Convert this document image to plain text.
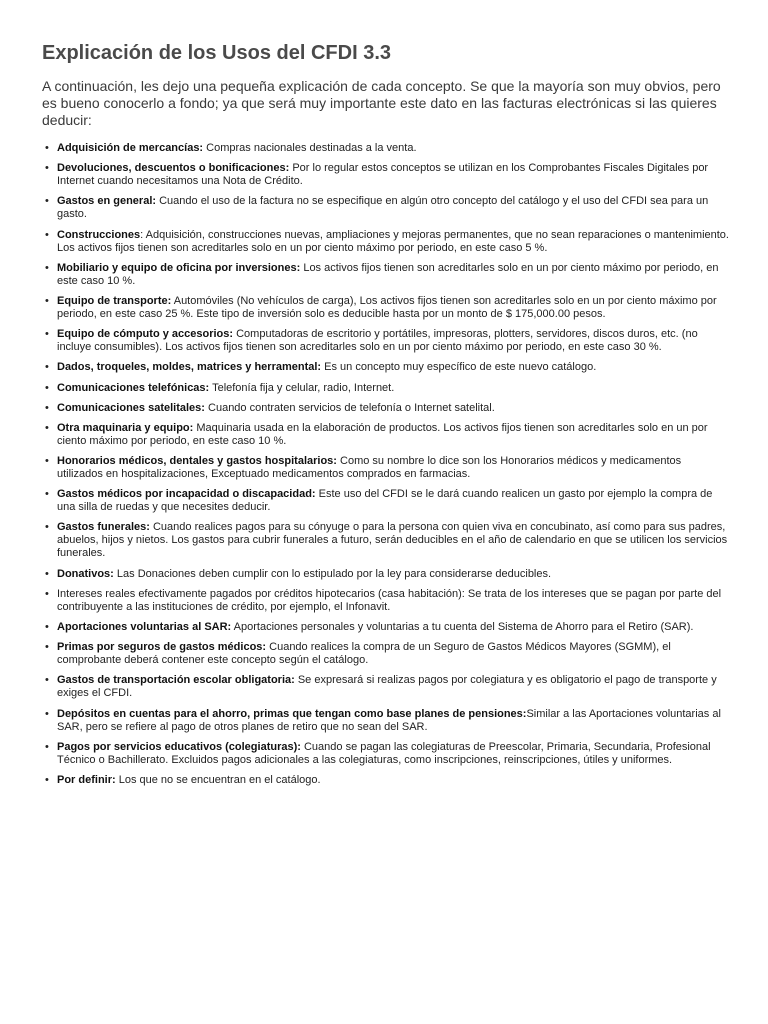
Explicación de los Usos del CFDI 3.3

A continuación, les dejo una pequeña explicación de cada concepto. Se que la mayoría son muy obvios, pero es bueno conocerlo a fondo; ya que será muy importante este dato en las facturas electrónicas si las quieres deducir:

• Adquisición de mercancías: Compras nacionales destinadas a la venta.
• Devoluciones, descuentos o bonificaciones: Por lo regular estos conceptos se utilizan en los Comprobantes Fiscales Digitales por Internet cuando necesitamos una Nota de Crédito.
• Gastos en general: Cuando el uso de la factura no se especifique en algún otro concepto del catálogo y el uso del CFDI sea para un gasto.
• Construcciones: Adquisición, construcciones nuevas, ampliaciones y mejoras permanentes, que no sean reparaciones o mantenimiento. Los activos fijos tienen son acreditarles solo en un por ciento máximo por periodo, en este caso 5 %.
• Mobiliario y equipo de oficina por inversiones: Los activos fijos tienen son acreditarles solo en un por ciento máximo por periodo, en este caso 10 %.
• Equipo de transporte: Automóviles (No vehículos de carga), Los activos fijos tienen son acreditarles solo en un por ciento máximo por periodo, en este caso 25 %. Este tipo de inversión solo es deducible hasta por un monto de $ 175,000.00 pesos.
• Equipo de cómputo y accesorios: Computadoras de escritorio y portátiles, impresoras, plotters, servidores, discos duros, etc. (no incluye consumibles). Los activos fijos tienen son acreditarles solo en un por ciento máximo por periodo, en este caso 30 %.
• Dados, troqueles, moldes, matrices y herramental: Es un concepto muy específico de este nuevo catálogo.
• Comunicaciones telefónicas: Telefonía fija y celular, radio, Internet.
• Comunicaciones satelitales: Cuando contraten servicios de telefonía o Internet satelital.
• Otra maquinaria y equipo: Maquinaria usada en la elaboración de productos. Los activos fijos tienen son acreditarles solo en un por ciento máximo por periodo, en este caso 10 %.
• Honorarios médicos, dentales y gastos hospitalarios: Como su nombre lo dice son los Honorarios médicos y medicamentos utilizados en hospitalizaciones, Exceptuado medicamentos comprados en farmacias.
• Gastos médicos por incapacidad o discapacidad: Este uso del CFDI se le dará cuando realicen un gasto por ejemplo la compra de una silla de ruedas y que necesites deducir.
• Gastos funerales: Cuando realices pagos para su cónyuge o para la persona con quien viva en concubinato, así como para sus padres, abuelos, hijos y nietos. Los gastos para cubrir funerales a futuro, serán deducibles en el año de calendario en que se utilicen los servicios funerales.
• Donativos: Las Donaciones deben cumplir con lo estipulado por la ley para considerarse deducibles.
• Intereses reales efectivamente pagados por créditos hipotecarios (casa habitación): Se trata de los intereses que se pagan por parte del contribuyente a las instituciones de crédito, por ejemplo, el Infonavit.
• Aportaciones voluntarias al SAR: Aportaciones personales y voluntarias a tu cuenta del Sistema de Ahorro para el Retiro (SAR).
• Primas por seguros de gastos médicos: Cuando realices la compra de un Seguro de Gastos Médicos Mayores (SGMM), el comprobante deberá contener este concepto según el catálogo.
• Gastos de transportación escolar obligatoria: Se expresará si realizas pagos por colegiatura y es obligatorio el pago de transporte y exiges el CFDI.
• Depósitos en cuentas para el ahorro, primas que tengan como base planes de pensiones:Similar a las Aportaciones voluntarias al SAR, pero se refiere al pago de otros planes de retiro que no sean del SAR.
• Pagos por servicios educativos (colegiaturas): Cuando se pagan las colegiaturas de Preescolar, Primaria, Secundaria, Profesional Técnico o Bachillerato. Excluidos pagos adicionales a las colegiaturas, como inscripciones, reinscripciones, útiles y uniformes.
• Por definir: Los que no se encuentran en el catálogo.
